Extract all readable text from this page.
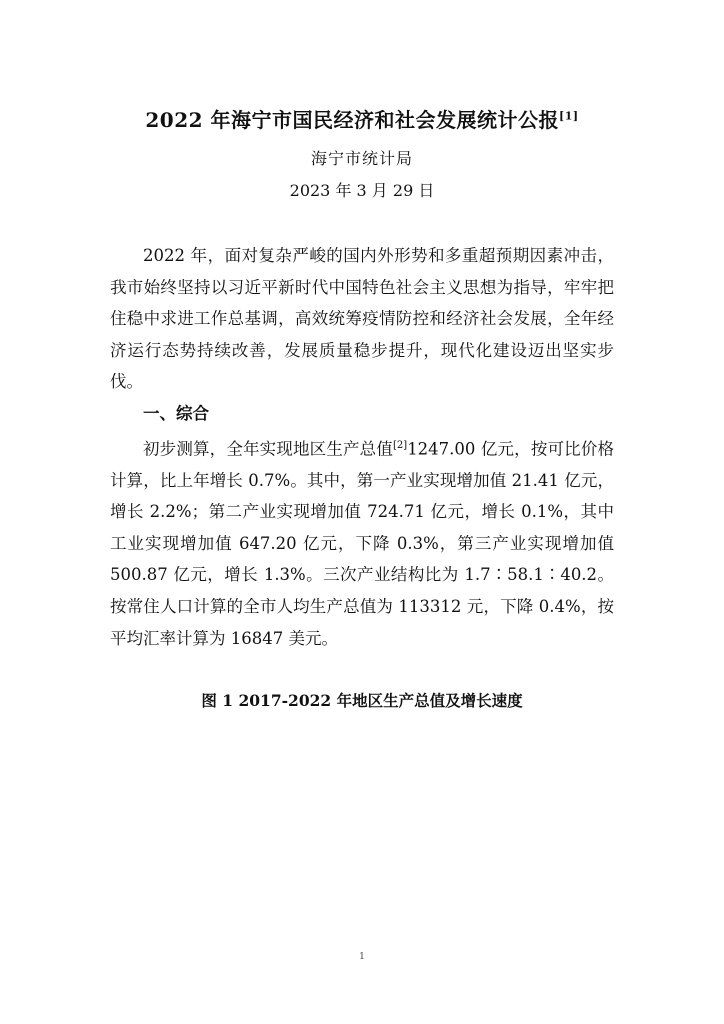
2022 年海宁市国民经济和社会发展统计公报[1]
海宁市统计局
2023 年 3 月 29 日

2022 年，面对复杂严峻的国内外形势和多重超预期因素冲击，我市始终坚持以习近平新时代中国特色社会主义思想为指导，牢牢把住稳中求进工作总基调，高效统筹疫情防控和经济社会发展，全年经济运行态势持续改善，发展质量稳步提升，现代化建设迈出坚实步伐。

一、综合

初步测算，全年实现地区生产总值[2]1247.00 亿元，按可比价格计算，比上年增长 0.7%。其中，第一产业实现增加值 21.41 亿元，增长 2.2%；第二产业实现增加值 724.71 亿元，增长 0.1%，其中工业实现增加值 647.20 亿元，下降 0.3%，第三产业实现增加值 500.87 亿元，增长 1.3%。三次产业结构比为 1.7∶58.1∶40.2。按常住人口计算的全市人均生产总值为 113312 元，下降 0.4%，按平均汇率计算为 16847 美元。

图 1 2017-2022 年地区生产总值及增长速度
1
